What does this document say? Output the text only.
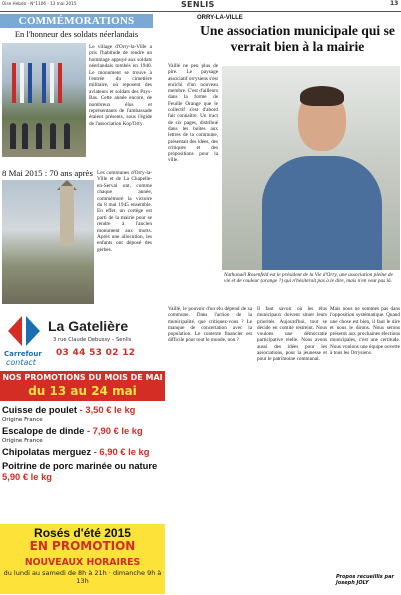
Oise Hebdo · N°1106 · 13 mai 2015	SENLIS	13
COMMÉMORATIONS
En l'honneur des soldats néerlandais
Le village d'Orry-la-Ville a pris l'habitude de rendre un hommage appuyé aux soldats néerlandais tombés en 1940. Le monument se trouve à l'entrée du cimetière militaire, où reposent des aviateurs et soldats des Pays-Bas. Cette année encore, de nombreux élus et représentants de l'ambassade étaient présents, sous l'égide de l'association Kop'Orry.
8 Mai 2015 : 70 ans après Les communes d'Orry-la-Ville et de La Chapelle-en-Serval ont, comme chaque année, commémoré la victoire du 8 mai 1945 ensemble. En effet, un cortège est parti de la mairie pour se rendre à l'ancien monument aux morts. Après une allocution, les enfants ont déposé des gerbes.
La Gatelière
3 rue Claude Debussy – Senlis
03 44 53 02 12
Carrefour
contact
NOS PROMOTIONS DU MOIS DE MAI
du 13 au 24 mai
Cuisse de poulet - 3,50 € le kg
Origine France
Escalope de dinde - 7,90 € le kg
Origine France
Chipolatas merguez - 6,90 € le kg
Poitrine de porc marinée ou nature
5,90 € le kg
Rosés d'été 2015
EN PROMOTION
NOUVEAUX HORAIRES
du lundi au samedi de 8h à 21h · dimanche 9h à 13h
ORRY-LA-VILLE
Une association municipale qui se verrait bien à la mairie
Vaillé ne peu plus de pire. Le paysage associatif orrysiens s'est enrichi d'un nouveau membre. C'est d'ailleurs dans la forme de Feuille Orange que le collectif s'est d'abord fait connaître. Un tract de six pages, distribué dans les boîtes aux lettres de la commune, présentait des idées, des critiques et des propositions pour la ville.
Nathanaël Rosenfeld est le président de la Vie d'Orry, une association pleine de vie et de couleur (orange ?) qui n'hésiterait pas à le dire, mais n'en veut pas là.
Vaillé, le pouvoir d'un élu dépend de sa commune. Dans l'action de la municipalité, que critiquez-vous ? Le manque de concertation avec la population. Le contexte financier est difficile pour tout le monde, non ?
Il faut savoir où les élus municipaux doivent situer leurs priorités. Aujourd'hui, tout se décide en comité restreint. Nous voulons une démocratie participative réelle. Nous avons aussi des idées pour les associations, pour la jeunesse et pour le patrimoine communal.
Mais nous ne sommes pas dans l'opposition systématique. Quand une chose est bien, il faut le dire et nous le dirons. Nous serons présents aux prochaines élections municipales, c'est une certitude. Nous voulons une équipe ouverte à tous les Orrysiens.
Propos recueillis par Joseph JOLY
